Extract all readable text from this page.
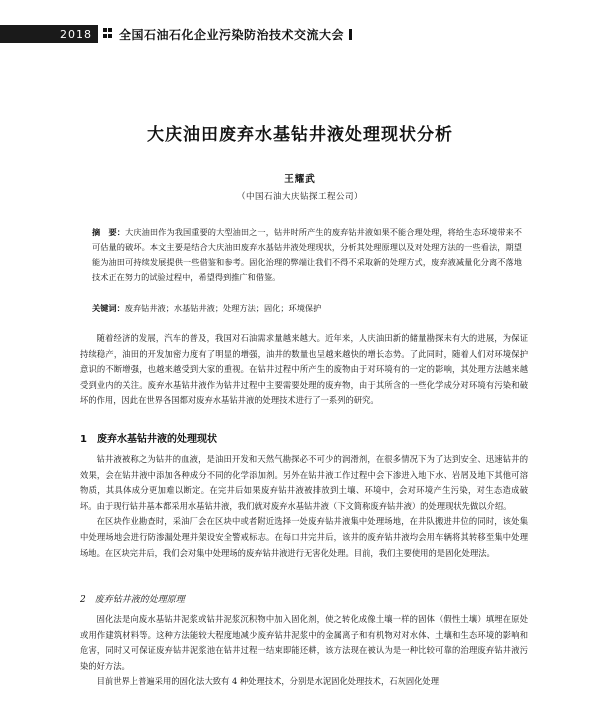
2018	全国石油石化企业污染防治技术交流大会
大庆油田废弃水基钻井液处理现状分析
王耀武
（中国石油大庆钻探工程公司）
摘　要：大庆油田作为我国重要的大型油田之一，钻井时所产生的废弃钻井液如果不能合理处理，将给生态环境带来不可估量的破坏。本文主要是结合大庆油田废弃水基钻井液处理现状，分析其处理原理以及对处理方法的一些看法，期望能为油田可持续发展提供一些借鉴和参考。固化治理的弊端让我们不得不采取新的处理方式，废弃液减量化分离不落地技术正在努力的试验过程中，希望得到推广和借鉴。
关键词：废弃钻井液；水基钻井液；处理方法；固化；环境保护

随着经济的发展，汽车的普及，我国对石油需求量越来越大。近年来，人庆油田新的储量勘探未有大的进展，为保证持续稳产，油田的开发加密力度有了明显的增强，油井的数量也呈越来越快的增长态势。了此同时，随着人们对环境保护意识的不断增强，也越来越受到大家的重视。在钻井过程中所产生的废物由于对环境有的一定的影响，其处理方法越来越受到业内的关注。废弃水基钻井液作为钻井过程中主要需要处理的废弃物，由于其所含的一些化学成分对环境有污染和破坏的作用，因此在世界各国都对废弃水基钻井液的处理技术进行了一系列的研究。

1　废弃水基钻井液的处理现状

钻井液被称之为钻井的血液，是油田开发和天然气勘探必不可少的润滑剂，在很多情况下为了达到安全、迅速钻井的效果，会在钻井液中添加各种成分不同的化学添加剂。另外在钻井液工作过程中会下渗进入地下水、岩屑及地下其他可溶物质，其具体成分更加难以断定。在完井后如果废弃钻井液被排放到土壤、环境中，会对环境产生污染，对生态造成破坏。由于现行钻井基本都采用水基钻井液，我们就对废弃水基钻井液（下文简称废弃钻井液）的处理现状先做以介绍。

在区块作业勘查时，采油厂会在区块中或者附近选择一处废弃钻井液集中处理场地，在井队搬进井位的同时，该处集中处理场地会进行防渗漏处理并架设安全警戒标志。在每口井完井后，该井的废弃钻井液均会用车辆将其转移至集中处理场地。在区块完井后，我们会对集中处理场的废弃钻井液进行无害化处理。目前，我们主要使用的是固化处理法。

2　废弃钻井液的处理原理

固化法是向废水基钻井泥浆或钻井泥浆沉积物中加入固化剂，使之转化成像土壤一样的固体（假性土壤）填埋在原处或用作建筑材料等。这种方法能较大程度地减少废弃钻井泥浆中的金属离子和有机物对对水体、土壤和生态环境的影响和危害，同时又可保证废弃钻井泥浆池在钻井过程一结束即能还耕，该方法现在被认为是一种比较可靠的治理废弃钻井液污染的好方法。

目前世界上普遍采用的固化法大致有 4 种处理技术，分别是水泥固化处理技术，石灰固化处理
